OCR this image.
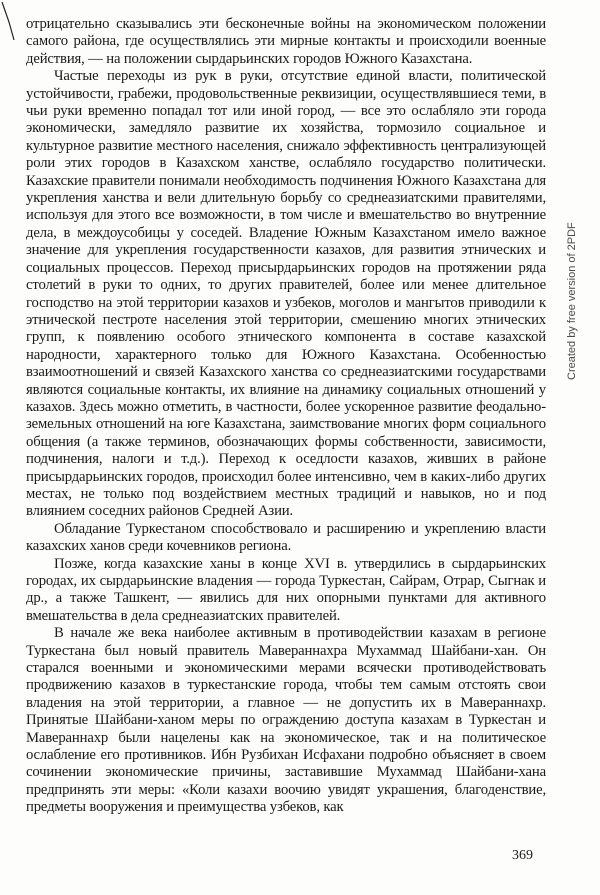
отрицательно сказывались эти бесконечные войны на экономическом положении самого района, где осуществлялись эти мирные контакты и происходили военные действия, — на положении сырдарьинских городов Южного Казахстана.

Частые переходы из рук в руки, отсутствие единой власти, политической устойчивости, грабежи, продовольственные реквизиции, осуществлявшиеся теми, в чьи руки временно попадал тот или иной город, — все это ослабляло эти города экономически, замедляло развитие их хозяйства, тормозило социальное и культурное развитие местного населения, снижало эффективность централизующей роли этих городов в Казахском ханстве, ослабляло государство политически. Казахские правители понимали необходимость подчинения Южного Казахстана для укрепления ханства и вели длительную борьбу со среднеазиатскими правителями, используя для этого все возможности, в том числе и вмешательство во внутренние дела, в междоусобицы у соседей. Владение Южным Казахстаном имело важное значение для укрепления государственности казахов, для развития этнических и социальных процессов. Переход присырдарьинских городов на протяжении ряда столетий в руки то одних, то других правителей, более или менее длительное господство на этой территории казахов и узбеков, моголов и мангытов приводили к этнической пестроте населения этой территории, смешению многих этнических групп, к появлению особого этнического компонента в составе казахской народности, характерного только для Южного Казахстана. Особенностью взаимоотношений и связей Казахского ханства со среднеазиатскими государствами являются социальные контакты, их влияние на динамику социальных отношений у казахов. Здесь можно отметить, в частности, более ускоренное развитие феодально-земельных отношений на юге Казахстана, заимствование многих форм социального общения (а также терминов, обозначающих формы собственности, зависимости, подчинения, налоги и т.д.). Переход к оседлости казахов, живших в районе присырдарьинских городов, происходил более интенсивно, чем в каких-либо других местах, не только под воздействием местных традиций и навыков, но и под влиянием соседних районов Средней Азии.

Обладание Туркестаном способствовало и расширению и укреплению власти казахских ханов среди кочевников региона.

Позже, когда казахские ханы в конце XVI в. утвердились в сырдарьинских городах, их сырдарьинские владения — города Туркестан, Сайрам, Отрар, Сыгнак и др., а также Ташкент, — явились для них опорными пунктами для активного вмешательства в дела среднеазиатских правителей.

В начале же века наиболее активным в противодействии казахам в регионе Туркестана был новый правитель Мавераннахра Мухаммад Шайбани-хан. Он старался военными и экономическими мерами всячески противодействовать продвижению казахов в туркестанские города, чтобы тем самым отстоять свои владения на этой территории, а главное — не допустить их в Мавераннахр. Принятые Шайбани-ханом меры по ограждению доступа казахам в Туркестан и Мавераннахр были нацелены как на экономическое, так и на политическое ослабление его противников. Ибн Рузбихан Исфахани подробно объясняет в своем сочинении экономические причины, заставившие Мухаммад Шайбани-хана предпринять эти меры: «Коли казахи воочию увидят украшения, благоденствие, предметы вооружения и преимущества узбеков, как

369
Created by free version of 2PDF
